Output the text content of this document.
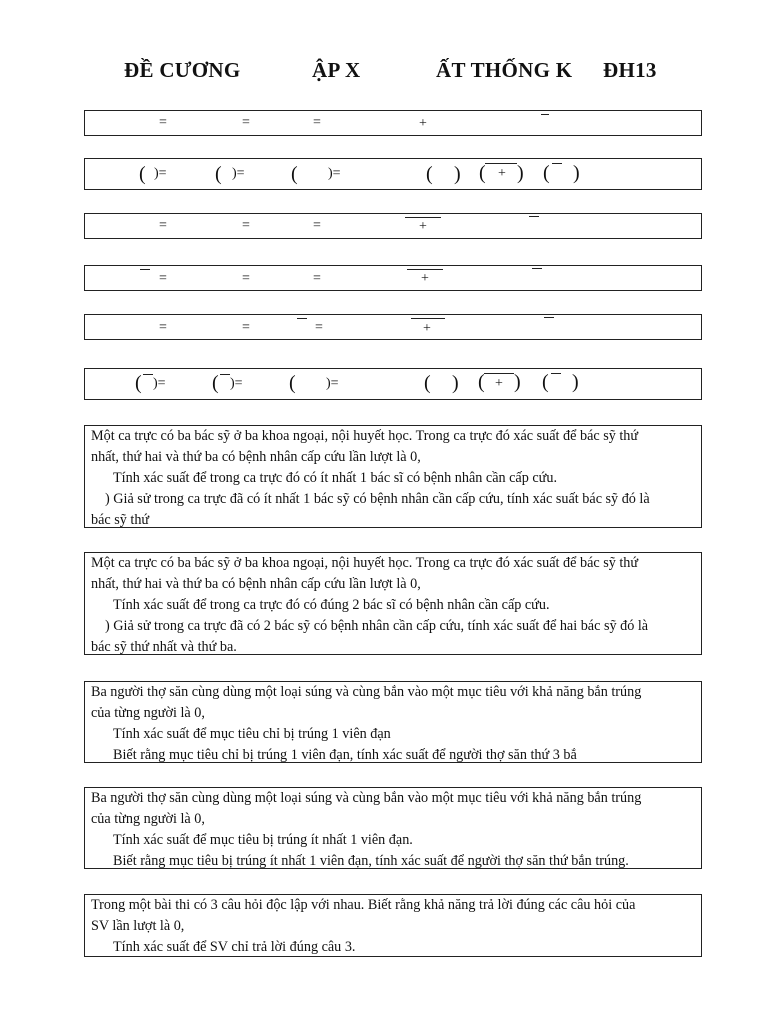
ĐỀ CƯƠNG	ẬP X	ẤT THỐNG K ĐH13
=	=	=	+
( )= ( )= ( )=	( ) ( + ) ( )
=	=	=	+
=	=	=	+
=	=	=	+
( )= ( )= ( )=	( ) ( + ) ( )

Một ca trực có ba bác sỹ ở ba khoa ngoại, nội huyết học. Trong ca trực đó xác suất để bác sỹ thứ

nhất, thứ hai và thứ ba có bệnh nhân cấp cứu lần lượt là 0,

Tính xác suất để trong ca trực đó có ít nhất 1 bác sĩ có bệnh nhân cần cấp cứu.

) Giả sử trong ca trực đã có ít nhất 1 bác sỹ có bệnh nhân cần cấp cứu, tính xác suất bác sỹ đó là

bác sỹ thứ

Một ca trực có ba bác sỹ ở ba khoa ngoại, nội huyết học. Trong ca trực đó xác suất để bác sỹ thứ

nhất, thứ hai và thứ ba có bệnh nhân cấp cứu lần lượt là 0,

Tính xác suất để trong ca trực đó có đúng 2 bác sĩ có bệnh nhân cần cấp cứu.

) Giả sử trong ca trực đã có 2 bác sỹ có bệnh nhân cần cấp cứu, tính xác suất để hai bác sỹ đó là

bác sỹ thứ nhất và thứ ba.

Ba người thợ săn cùng dùng một loại súng và cùng bắn vào một mục tiêu với khả năng bắn trúng

của từng người là 0,

Tính xác suất để mục tiêu chỉ bị trúng 1 viên đạn

Biết rằng mục tiêu chỉ bị trúng 1 viên đạn, tính xác suất để người thợ săn thứ 3 bắ

Ba người thợ săn cùng dùng một loại súng và cùng bắn vào một mục tiêu với khả năng bắn trúng

của từng người là 0,

Tính xác suất để mục tiêu bị trúng ít nhất 1 viên đạn.

Biết rằng mục tiêu bị trúng ít nhất 1 viên đạn, tính xác suất để người thợ săn thứ bắn trúng.

Trong một bài thi có 3 câu hỏi độc lập với nhau. Biết rằng khả năng trả lời đúng các câu hỏi của

SV lần lượt là 0,

Tính xác suất để SV chỉ trả lời đúng câu 3.
